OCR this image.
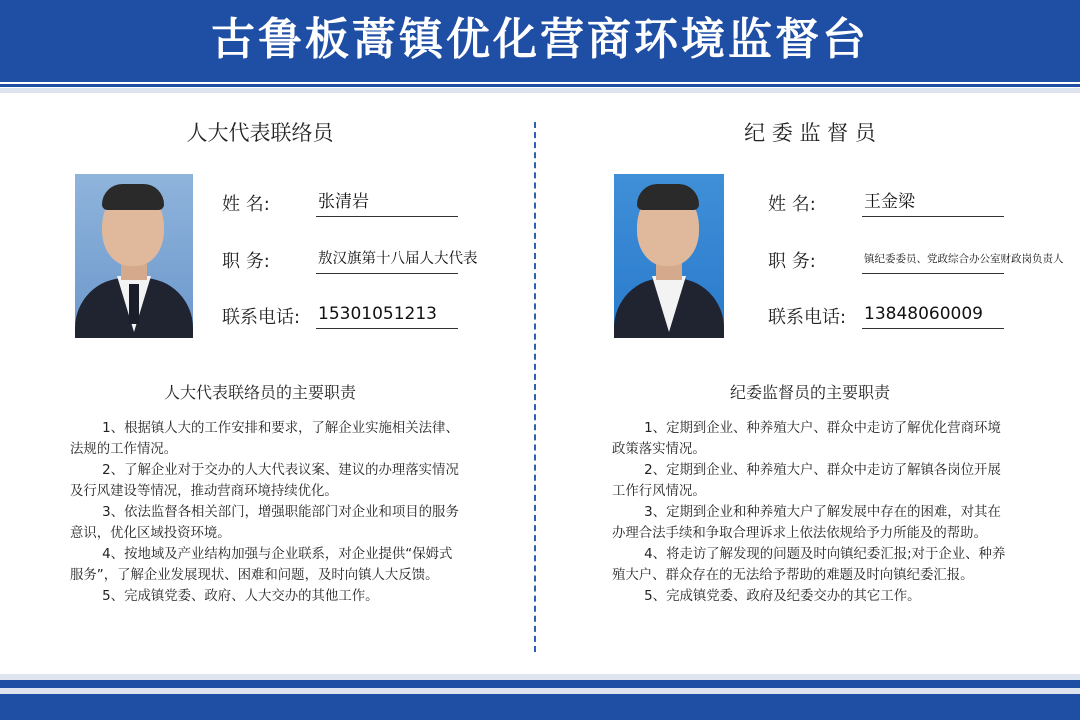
古鲁板蒿镇优化营商环境监督台
人大代表联络员
姓 名:	张清岩
职 务:	敖汉旗第十八届人大代表
联系电话: 15301051213
人大代表联络员的主要职责

1、根据镇人大的工作安排和要求，了解企业实施相关法律、法规的工作情况。

2、了解企业对于交办的人大代表议案、建议的办理落实情况及行风建设等情况，推动营商环境持续优化。

3、依法监督各相关部门，增强职能部门对企业和项目的服务意识，优化区域投资环境。

4、按地域及产业结构加强与企业联系，对企业提供“保姆式服务”，了解企业发展现状、困难和问题，及时向镇人大反馈。

5、完成镇党委、政府、人大交办的其他工作。

纪 委 监 督 员
姓 名:	王金梁
职 务:	镇纪委委员、党政综合办公室财政岗负责人
联系电话: 13848060009
纪委监督员的主要职责

1、定期到企业、种养殖大户、群众中走访了解优化营商环境政策落实情况。

2、定期到企业、种养殖大户、群众中走访了解镇各岗位开展工作行风情况。

3、定期到企业和种养殖大户了解发展中存在的困难，对其在办理合法手续和争取合理诉求上依法依规给予力所能及的帮助。

4、将走访了解发现的问题及时向镇纪委汇报;对于企业、种养殖大户、群众存在的无法给予帮助的难题及时向镇纪委汇报。

5、完成镇党委、政府及纪委交办的其它工作。
